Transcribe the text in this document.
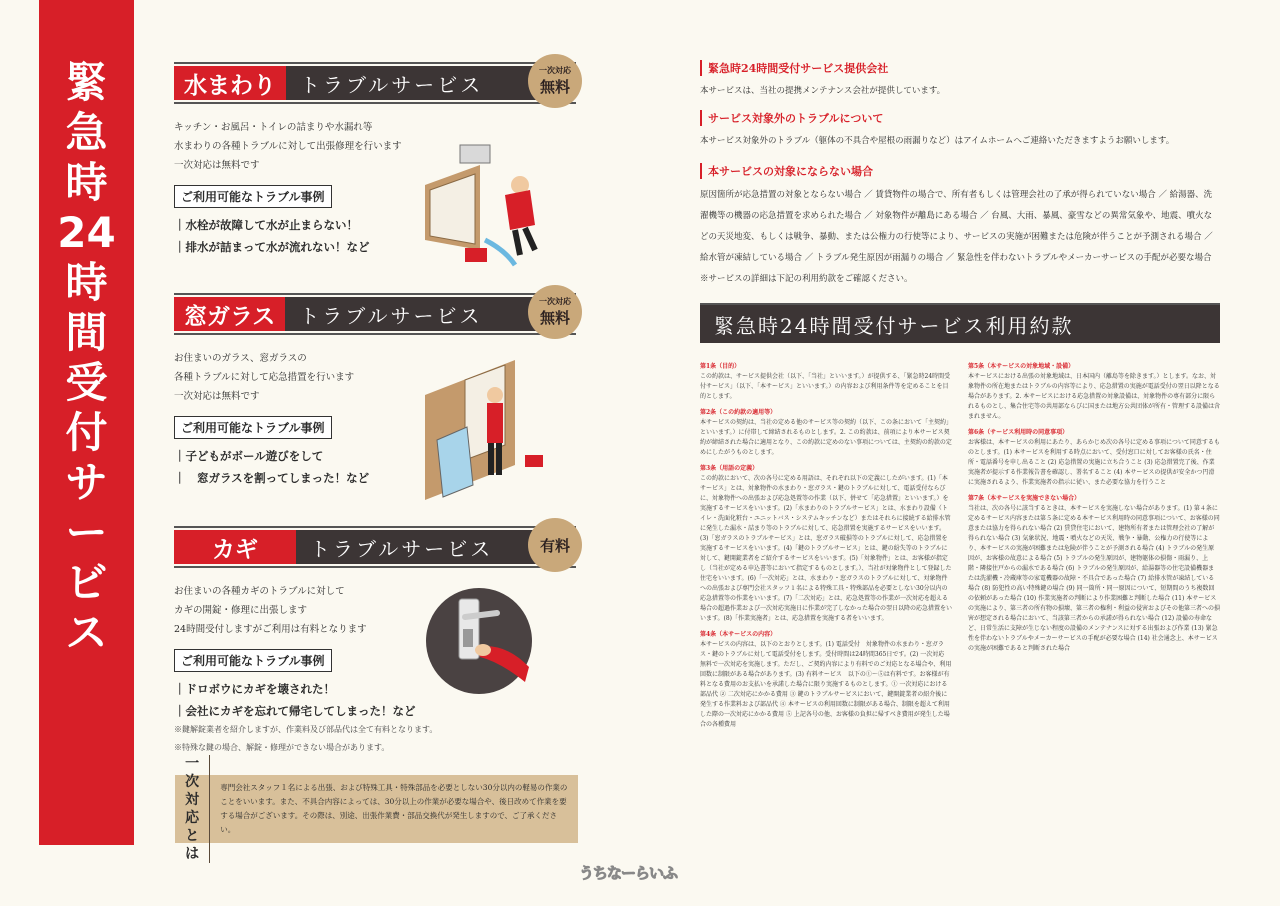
緊
急
時
24
時
間
受
付
サ
ー
ビ
ス
水まわり	トラブルサービス
一次対応
無料
キッチン・お風呂・トイレの詰まりや水漏れ等
水まわりの各種トラブルに対して出張修理を行います
一次対応は無料です
ご利用可能なトラブル事例
｜ 水栓が故障して水が止まらない！
｜ 排水が詰まって水が流れない！など
窓ガラス	トラブルサービス
一次対応
無料
お住まいのガラス、窓ガラスの
各種トラブルに対して応急措置を行います
一次対応は無料です
ご利用可能なトラブル事例
｜ 子どもがボール遊びをして
｜ 　窓ガラスを割ってしまった！など
カギ	トラブルサービス	有料
お住まいの各種カギのトラブルに対して
カギの開錠・修理に出張します
24時間受付しますがご利用は有料となります
ご利用可能なトラブル事例
｜ ドロボウにカギを壊された！
｜ 会社にカギを忘れて帰宅してしまった！など
※鍵解錠業者を紹介しますが、作業料及び部品代は全て有料となります。
※特殊な鍵の場合、解錠・修理ができない場合があります。
一次対応とは
専門会社スタッフ１名による出張、および特殊工具・特殊部品を必要としない30分以内の軽易の作業のことをいいます。また、不具合内容によっては、30分以上の作業が必要な場合や、後日改めて作業を要する場合がございます。その際は、別途、出張作業費・部品交換代が発生しますので、ご了承ください。
緊急時24時間受付サービス提供会社
本サービスは、当社の提携メンテナンス会社が提供しています。
サービス対象外のトラブルについて
本サービス対象外のトラブル（躯体の不具合や屋根の雨漏りなど）はアイムホームへご連絡いただきますようお願いします。
本サービスの対象にならない場合
原因箇所が応急措置の対象とならない場合 ／ 賃貸物件の場合で、所有者もしくは管理会社の了承が得られていない場合 ／ 給湯器、洗濯機等の機器の応急措置を求められた場合 ／ 対象物件が離島にある場合 ／ 台風、大雨、暴風、豪雪などの異常気象や、地震、噴火などの天災地変、もしくは戦争、暴動、または公権力の行使等により、サービスの実施が困難または危険が伴うことが予測される場合 ／ 給水管が凍結している場合 ／ トラブル発生原因が雨漏りの場合 ／ 緊急性を伴わないトラブルやメーカーサービスの手配が必要な場合　※サービスの詳細は下記の利用約款をご確認ください。
緊急時24時間受付サービス利用約款
第1条（目的）
この約款は、サービス提供会社（以下、「当社」といいます。）が提供する、「緊急時24時間受付サービス」（以下、「本サービス」といいます。）の内容および利用条件等を定めることを目的とします。
第2条（この約款の適用等）
本サービスの契約は、当社の定める他のサービス等の契約（以下、この条において「主契約」といいます。）に付帯して締結されるものとします。2. この約款は、前項により本サービス契約が締結された場合に適用となり、この約款に定めのない事項については、主契約の約款の定めにしたがうものとします。
第3条（用語の定義）
この約款において、次の各号に定める用語は、それぞれ以下の定義にしたがいます。(1)「本サービス」とは、対象物件の水まわり・窓ガラス・鍵のトラブルに対して、電話受付ならびに、対象物件への出張および応急処置等の作業（以下、併せて「応急措置」といいます。）を実施するサービスをいいます。(2)「水まわりのトラブルサービス」とは、水まわり設備（トイレ・洗面化粧台・ユニットバス・システムキッチンなど）またはそれらに接続する給排水管に発生した漏水・詰まり等のトラブルに対して、応急措置を実施するサービスをいいます。(3)「窓ガラスのトラブルサービス」とは、窓ガラス破損等のトラブルに対して、応急措置を実施するサービスをいいます。(4)「鍵のトラブルサービス」とは、鍵の紛失等のトラブルに対して、鍵開錠業者をご紹介するサービスをいいます。(5)「対象物件」とは、お客様が指定し（当社が定める申込書等において指定するものとします。）、当社が対象物件として登録した住宅をいいます。(6)「一次対応」とは、水まわり・窓ガラスのトラブルに対して、対象物件への出張および専門会社スタッフ１名による特殊工具・特殊部品を必要としない30分以内の応急措置等の作業をいいます。(7)「二次対応」とは、応急処置等の作業が一次対応を超える場合の超過作業および一次対応実施日に作業が完了しなかった場合の翌日以降の応急措置をいいます。(8)「作業実施者」とは、応急措置を実施する者をいいます。
第4条（本サービスの内容）
本サービスの内容は、以下のとおりとします。(1) 電話受付　対象物件の水まわり・窓ガラス・鍵のトラブルに対して電話受付をします。受付時間は24時間365日です。(2) 一次対応　無料で一次対応を実施します。ただし、ご契約内容により有料でのご対応となる場合や、利用回数に制限がある場合があります。(3) 有料サービス　以下の①～⑤は有料です。お客様が有料となる費用のお支払いを承諾した場合に限り実施するものとします。① 一次対応における部品代 ② 二次対応にかかる費用 ③ 鍵のトラブルサービスにおいて、鍵開錠業者の紹介後に発生する作業料および部品代 ④ 本サービスの利用回数に制限がある場合、制限を超えて利用した際の一次対応にかかる費用 ⑤ 上記各号の他、お客様の負担に帰すべき費用が発生した場合の各種費用
第5条（本サービスの対象地域・設備）
本サービスにおける出張の対象地域は、日本国内（離島等を除きます。）とします。なお、対象物件の所在地またはトラブルの内容等により、応急措置の実施が電話受付の翌日以降となる場合があります。2. 本サービスにおける応急措置の対象設備は、対象物件の専有部分に限られるものとし、集合住宅等の共用部ならびに国または地方公共団体が所有・管理する設備は含まれません。
第6条（サービス利用時の同意事項）
お客様は、本サービスの利用にあたり、あらかじめ次の各号に定める事項について同意するものとします。(1) 本サービスを利用する時点において、受付窓口に対してお客様の氏名・住所・電話番号を申し出ること (2) 応急措置の実施に立ち合うこと (3) 応急措置完了後、作業実施者が提示する作業報告書を確認し、署名すること (4) 本サービスの提供が安全かつ円滑に実施されるよう、作業実施者の指示に従い、また必要な協力を行うこと
第7条（本サービスを実施できない場合）
当社は、次の各号に該当するときは、本サービスを実施しない場合があります。(1) 第４条に定めるサービス内容または第５条に定める本サービス利用時の同意事項について、お客様の同意または協力を得られない場合 (2) 賃貸住宅において、建物所有者または管理会社の了解が得られない場合 (3) 気象状況、地震・噴火などの天災、戦争・暴動、公権力の行使等により、本サービスの実施が困難または危険が伴うことが予測される場合 (4) トラブルの発生原因が、お客様の故意による場合 (5) トラブルの発生原因が、建物躯体の損傷・雨漏り、上階・隣接住戸からの漏水である場合 (6) トラブルの発生原因が、給湯器等の住宅設備機器または洗濯機・冷蔵庫等の家電機器の故障・不具合であった場合 (7) 給排水管が凍結している場合 (8) 防犯性の高い特殊鍵の場合 (9) 同一箇所・同一原因について、短期間のうち複数回の依頼があった場合 (10) 作業実施者の判断により作業困難と判断した場合 (11) 本サービスの実施により、第三者の所有物の損壊、第三者の権利・利益の侵害およびその他第三者への損害が想定される場合において、当該第三者からの承諾が得られない場合 (12) 設備の寿命など、日常生活に支障が生じない程度の設備のメンテナンスに対する出張および作業 (13) 緊急性を伴わないトラブルやメーカーサービスの手配が必要な場合 (14) 社会通念上、本サービスの実施が困難であると判断された場合
うちなーらいふ
